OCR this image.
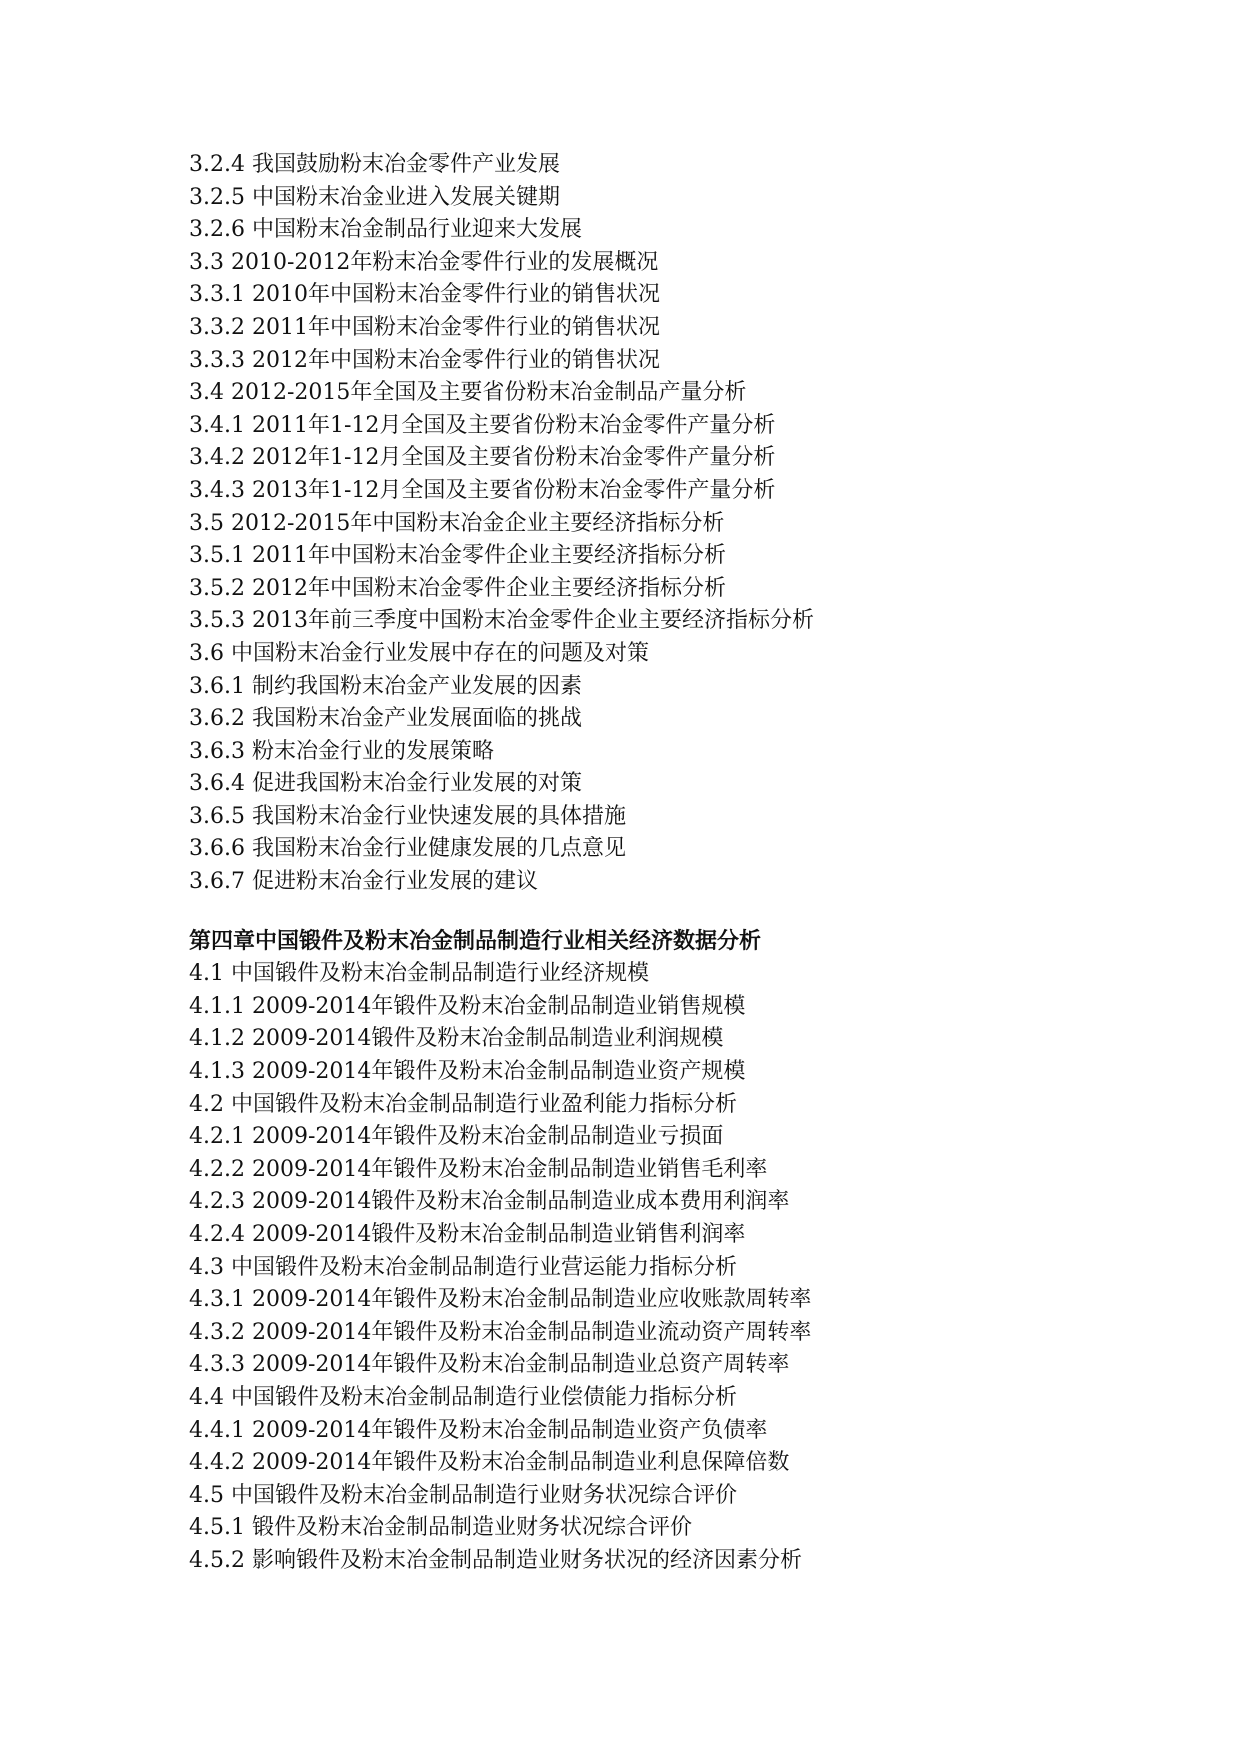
3.2.4 我国鼓励粉末冶金零件产业发展
3.2.5 中国粉末冶金业进入发展关键期
3.2.6 中国粉末冶金制品行业迎来大发展
3.3 2010-2012年粉末冶金零件行业的发展概况
3.3.1 2010年中国粉末冶金零件行业的销售状况
3.3.2 2011年中国粉末冶金零件行业的销售状况
3.3.3 2012年中国粉末冶金零件行业的销售状况
3.4 2012-2015年全国及主要省份粉末冶金制品产量分析
3.4.1 2011年1-12月全国及主要省份粉末冶金零件产量分析
3.4.2 2012年1-12月全国及主要省份粉末冶金零件产量分析
3.4.3 2013年1-12月全国及主要省份粉末冶金零件产量分析
3.5 2012-2015年中国粉末冶金企业主要经济指标分析
3.5.1 2011年中国粉末冶金零件企业主要经济指标分析
3.5.2 2012年中国粉末冶金零件企业主要经济指标分析
3.5.3 2013年前三季度中国粉末冶金零件企业主要经济指标分析
3.6 中国粉末冶金行业发展中存在的问题及对策
3.6.1 制约我国粉末冶金产业发展的因素
3.6.2 我国粉末冶金产业发展面临的挑战
3.6.3 粉末冶金行业的发展策略
3.6.4 促进我国粉末冶金行业发展的对策
3.6.5 我国粉末冶金行业快速发展的具体措施
3.6.6 我国粉末冶金行业健康发展的几点意见
3.6.7 促进粉末冶金行业发展的建议
第四章中国锻件及粉末冶金制品制造行业相关经济数据分析
4.1 中国锻件及粉末冶金制品制造行业经济规模
4.1.1 2009-2014年锻件及粉末冶金制品制造业销售规模
4.1.2 2009-2014锻件及粉末冶金制品制造业利润规模
4.1.3 2009-2014年锻件及粉末冶金制品制造业资产规模
4.2 中国锻件及粉末冶金制品制造行业盈利能力指标分析
4.2.1 2009-2014年锻件及粉末冶金制品制造业亏损面
4.2.2 2009-2014年锻件及粉末冶金制品制造业销售毛利率
4.2.3 2009-2014锻件及粉末冶金制品制造业成本费用利润率
4.2.4 2009-2014锻件及粉末冶金制品制造业销售利润率
4.3 中国锻件及粉末冶金制品制造行业营运能力指标分析
4.3.1 2009-2014年锻件及粉末冶金制品制造业应收账款周转率
4.3.2 2009-2014年锻件及粉末冶金制品制造业流动资产周转率
4.3.3 2009-2014年锻件及粉末冶金制品制造业总资产周转率
4.4 中国锻件及粉末冶金制品制造行业偿债能力指标分析
4.4.1 2009-2014年锻件及粉末冶金制品制造业资产负债率
4.4.2 2009-2014年锻件及粉末冶金制品制造业利息保障倍数
4.5 中国锻件及粉末冶金制品制造行业财务状况综合评价
4.5.1 锻件及粉末冶金制品制造业财务状况综合评价
4.5.2 影响锻件及粉末冶金制品制造业财务状况的经济因素分析
